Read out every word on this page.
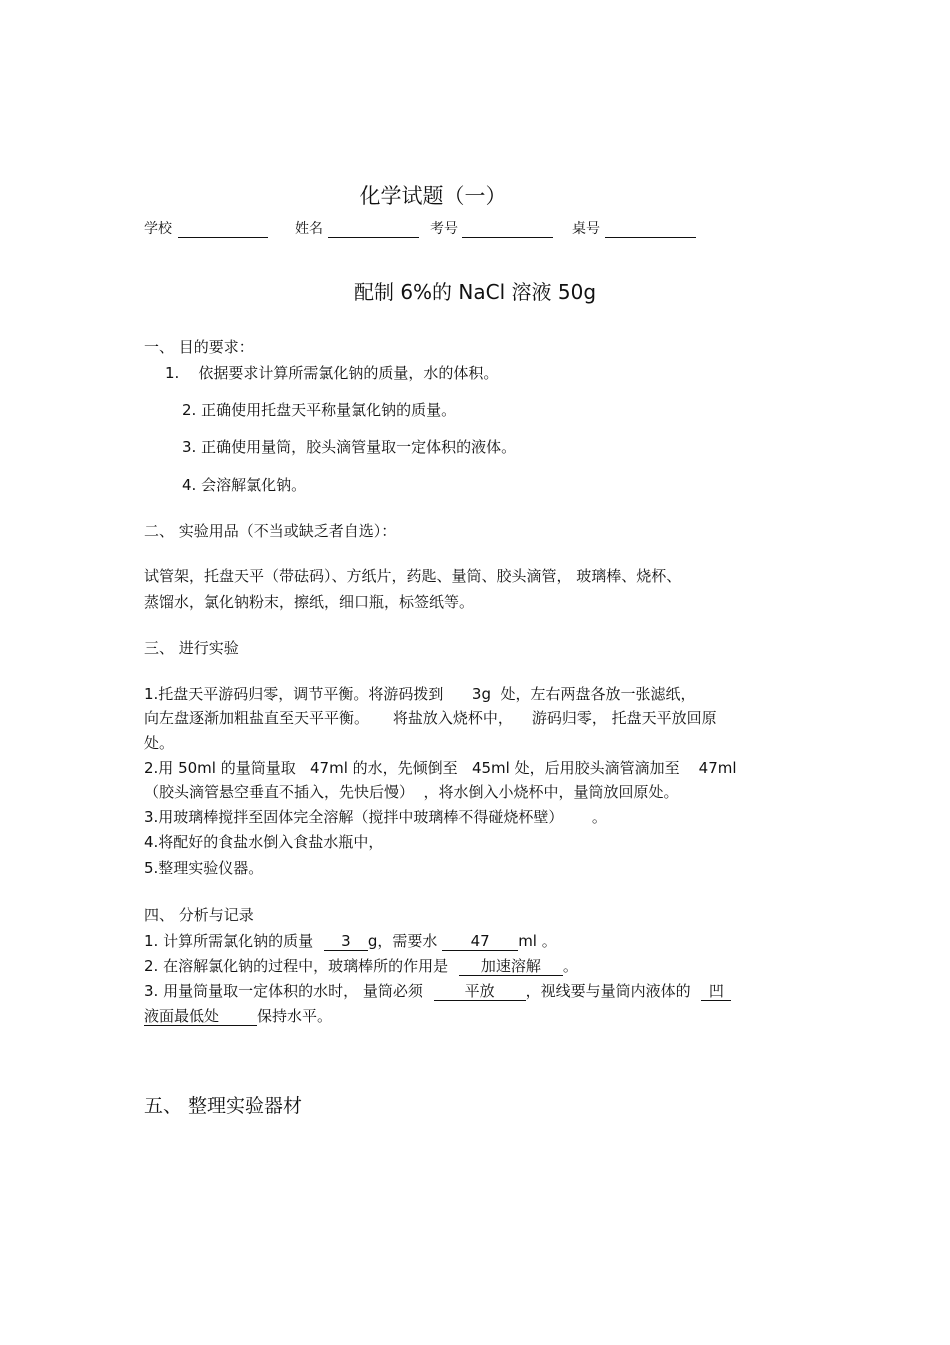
化学试题（一）
学校	姓名	考号	桌号
配制 6%的 NaCl 溶液 50g
一、 目的要求：
1.    依据要求计算所需氯化钠的质量，水的体积。
2. 正确使用托盘天平称量氯化钠的质量。
3. 正确使用量筒，胶头滴管量取一定体积的液体。
4. 会溶解氯化钠。
二、 实验用品（不当或缺乏者自选）：
试管架，托盘天平（带砝码）、方纸片，药匙、量筒、胶头滴管， 玻璃棒、烧杯、
蒸馏水，氯化钠粉末，擦纸，细口瓶，标签纸等。
三、 进行实验
1.托盘天平游码归零，调节平衡。将游码拨到      3g  处，左右两盘各放一张滤纸，
向左盘逐渐加粗盐直至天平平衡。     将盐放入烧杯中，    游码归零， 托盘天平放回原
处。
2.用 50ml 的量筒量取   47ml 的水，先倾倒至   45ml 处，后用胶头滴管滴加至    47ml
（胶头滴管悬空垂直不插入，先快后慢）  ，将水倒入小烧杯中，量筒放回原处。
3.用玻璃棒搅拌至固体完全溶解（搅拌中玻璃棒不得碰烧杯壁）      。
4.将配好的食盐水倒入食盐水瓶中，
5.整理实验仪器。
四、 分析与记录
1. 计算所需氯化钠的质量 3 g，需要水 47 ml 。
2. 在溶解氯化钠的过程中，玻璃棒所的作用是 加速溶解 。
3. 用量筒量取一定体积的水时， 量筒必须	平放 ，视线要与量筒内液体的 凹
液面最低处	保持水平。
五、 整理实验器材
